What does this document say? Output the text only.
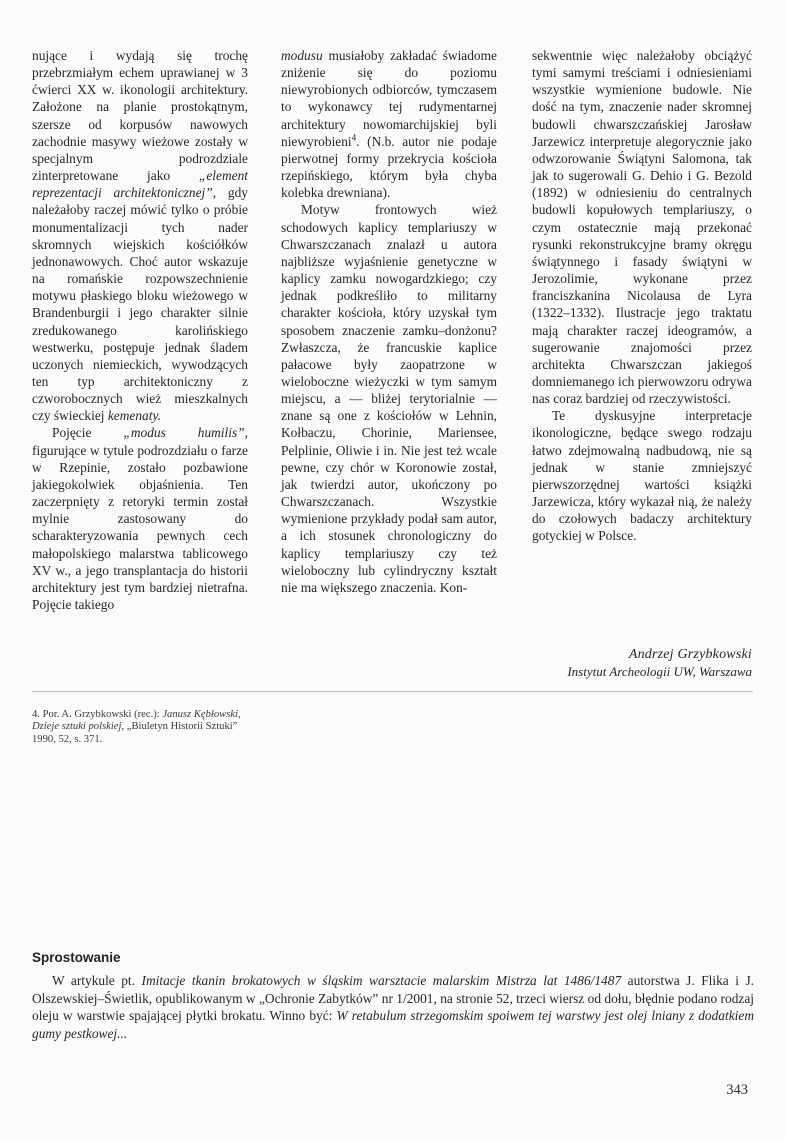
nujące i wydają się trochę przebrzmiałym echem uprawianej w 3 ćwierci XX w. ikonologii architektury. Założone na planie prostokątnym, szersze od korpusów nawowych zachodnie masywy wieżowe zostały w specjalnym podrozdziale zinterpretowane jako „element reprezentacji architektonicznej”, gdy należałoby raczej mówić tylko o próbie monumentalizacji tych nader skromnych wiejskich kościółków jednonawowych. Choć autor wskazuje na romańskie rozpowszechnienie motywu płaskiego bloku wieżowego w Brandenburgii i jego charakter silnie zredukowanego karolińskiego westwerku, postępuje jednak śladem uczonych niemieckich, wywodzących ten typ architektoniczny z czworobocznych wież mieszkalnych czy świeckiej kemenaty.

Pojęcie „modus humilis”, figurujące w tytule podrozdziału o farze w Rzepinie, zostało pozbawione jakiegokolwiek objaśnienia. Ten zaczerpnięty z retoryki termin został mylnie zastosowany do scharakteryzowania pewnych cech małopolskiego malarstwa tablicowego XV w., a jego transplantacja do historii architektury jest tym bardziej nietrafna. Pojęcie takiego

modusu musiałoby zakładać świadome zniżenie się do poziomu niewyrobionych odbiorców, tymczasem to wykonawcy tej rudymentarnej architektury nowomarchijskiej byli niewyrobieni$^4$. (N.b. autor nie podaje pierwotnej formy przekrycia kościoła rzepińskiego, którym była chyba kolebka drewniana).

Motyw frontowych wież schodowych kaplicy templariuszy w Chwarszczanach znalazł u autora najbliższe wyjaśnienie genetyczne w kaplicy zamku nowogardzkiego; czy jednak podkreśliło to militarny charakter kościoła, który uzyskał tym sposobem znaczenie zamku–donżonu? Zwłaszcza, że francuskie kaplice pałacowe były zaopatrzone w wieloboczne wieżyczki w tym samym miejscu, a — bliżej terytorialnie — znane są one z kościołów w Lehnin, Kołbaczu, Chorinie, Mariensee, Pelplinie, Oliwie i in. Nie jest też wcale pewne, czy chór w Koronowie został, jak twierdzi autor, ukończony po Chwarszczanach. Wszystkie wymienione przykłady podał sam autor, a ich stosunek chronologiczny do kaplicy templariuszy czy też wieloboczny lub cylindryczny kształt nie ma większego znaczenia. Kon-

sekwentnie więc należałoby obciążyć tymi samymi treściami i odniesieniami wszystkie wymienione budowle. Nie dość na tym, znaczenie nader skromnej budowli chwarszczańskiej Jarosław Jarzewicz interpretuje alegorycznie jako odwzorowanie Świątyni Salomona, tak jak to sugerowali G. Dehio i G. Bezold (1892) w odniesieniu do centralnych budowli kopułowych templariuszy, o czym ostatecznie mają przekonać rysunki rekonstrukcyjne bramy okręgu świątynnego i fasady świątyni w Jerozolimie, wykonane przez franciszkanina Nicolausa de Lyra (1322–1332). Ilustracje jego traktatu mają charakter raczej ideogramów, a sugerowanie znajomości przez architekta Chwarszczan jakiegoś domniemanego ich pierwowzoru odrywa nas coraz bardziej od rzeczywistości.

Te dyskusyjne interpretacje ikonologiczne, będące swego rodzaju łatwo zdejmowalną nadbudową, nie są jednak w stanie zmniejszyć pierwszorzędnej wartości książki Jarzewicza, który wykazał nią, że należy do czołowych badaczy architektury gotyckiej w Polsce.

Andrzej Grzybkowski
Instytut Archeologii UW, Warszawa
4. Por. A. Grzybkowski (rec.): Janusz Kębłowski, Dzieje sztuki polskiej, „Biuletyn Historii Sztuki” 1990, 52, s. 371.
Sprostowanie

W artykule pt. Imitacje tkanin brokatowych w śląskim warsztacie malarskim Mistrza lat 1486/1487 autorstwa J. Flika i J. Olszewskiej–Świetlik, opublikowanym w „Ochronie Zabytków” nr 1/2001, na stronie 52, trzeci wiersz od dołu, błędnie podano rodzaj oleju w warstwie spajającej płytki brokatu. Winno być: W retabulum strzegomskim spoiwem tej warstwy jest olej lniany z dodatkiem gumy pestkowej...

343
